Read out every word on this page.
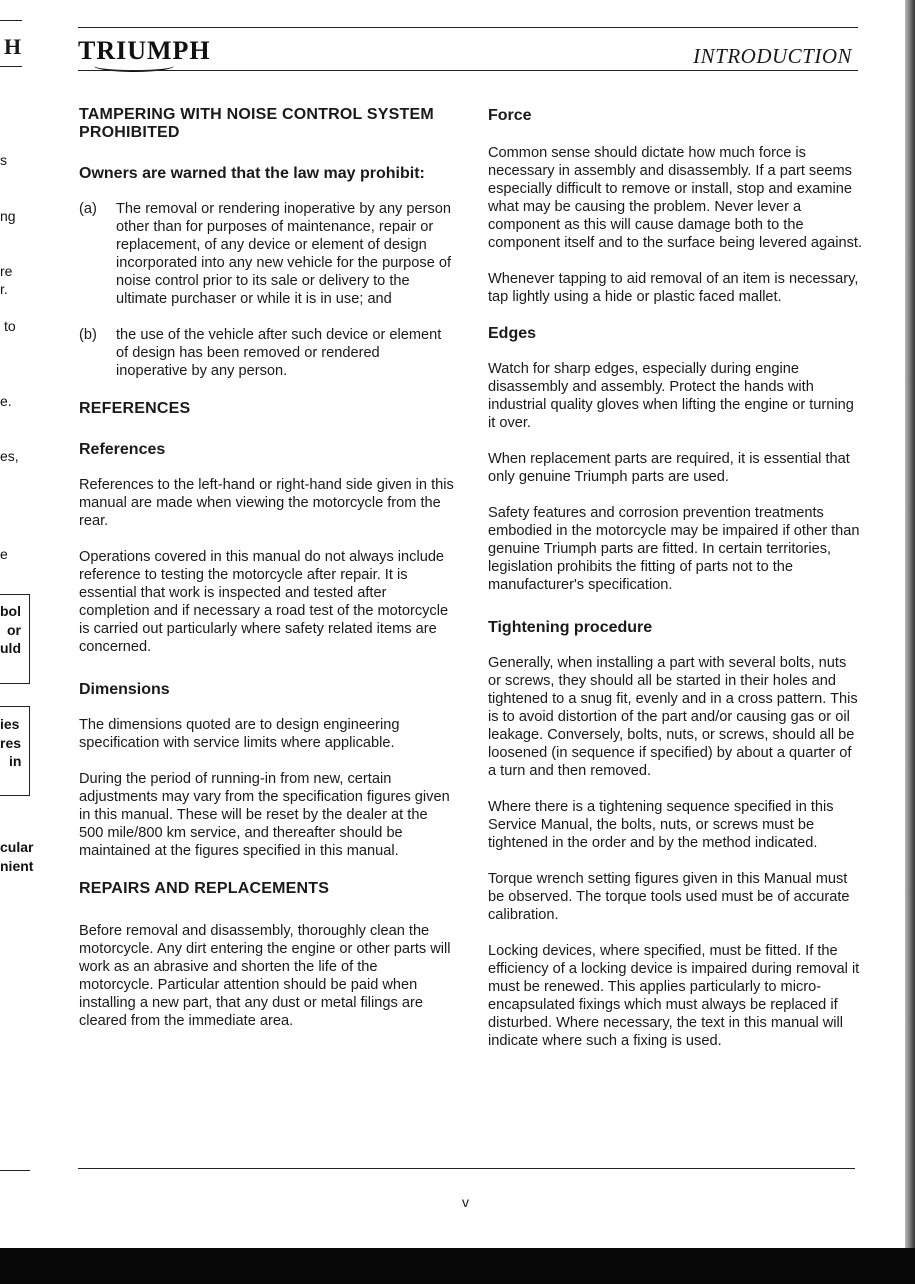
H
s
ng
re
r.
to
e.
es,
e
bol
or
uld
ies
res
in
cular
nient
TRIUMPH	INTRODUCTION
TAMPERING WITH NOISE CONTROL SYSTEM PROHIBITED
Owners are warned that the law may prohibit:
(a)	The removal or rendering inoperative by any person other than for purposes of maintenance, repair or replacement, of any device or element of design incorporated into any new vehicle for the purpose of noise control prior to its sale or delivery to the ultimate purchaser or while it is in use; and
(b)	the use of the vehicle after such device or element of design has been removed or rendered inoperative by any person.
REFERENCES
References

References to the left-hand or right-hand side given in this manual are made when viewing the motorcycle from the rear.

Operations covered in this manual do not always include reference to testing the motorcycle after repair. It is essential that work is inspected and tested after completion and if necessary a road test of the motorcycle is carried out particularly where safety related items are concerned.

Dimensions

The dimensions quoted are to design engineering specification with service limits where applicable.

During the period of running-in from new, certain adjustments may vary from the specification figures given in this manual. These will be reset by the dealer at the 500 mile/800 km service, and thereafter should be maintained at the figures specified in this manual.

REPAIRS AND REPLACEMENTS

Before removal and disassembly, thoroughly clean the motorcycle. Any dirt entering the engine or other parts will work as an abrasive and shorten the life of the motorcycle. Particular attention should be paid when installing a new part, that any dust or metal filings are cleared from the immediate area.

Force

Common sense should dictate how much force is necessary in assembly and disassembly. If a part seems especially difficult to remove or install, stop and examine what may be causing the problem. Never lever a component as this will cause damage both to the component itself and to the surface being levered against.

Whenever tapping to aid removal of an item is necessary, tap lightly using a hide or plastic faced mallet.

Edges

Watch for sharp edges, especially during engine disassembly and assembly. Protect the hands with industrial quality gloves when lifting the engine or turning it over.

When replacement parts are required, it is essential that only genuine Triumph parts are used.

Safety features and corrosion prevention treatments embodied in the motorcycle may be impaired if other than genuine Triumph parts are fitted. In certain territories, legislation prohibits the fitting of parts not to the manufacturer's specification.

Tightening procedure

Generally, when installing a part with several bolts, nuts or screws, they should all be started in their holes and tightened to a snug fit, evenly and in a cross pattern. This is to avoid distortion of the part and/or causing gas or oil leakage. Conversely, bolts, nuts, or screws, should all be loosened (in sequence if specified) by about a quarter of a turn and then removed.

Where there is a tightening sequence specified in this Service Manual, the bolts, nuts, or screws must be tightened in the order and by the method indicated.

Torque wrench setting figures given in this Manual must be observed. The torque tools used must be of accurate calibration.

Locking devices, where specified, must be fitted. If the efficiency of a locking device is impaired during removal it must be renewed. This applies particularly to micro-encapsulated fixings which must always be replaced if disturbed. Where necessary, the text in this manual will indicate where such a fixing is used.

v
